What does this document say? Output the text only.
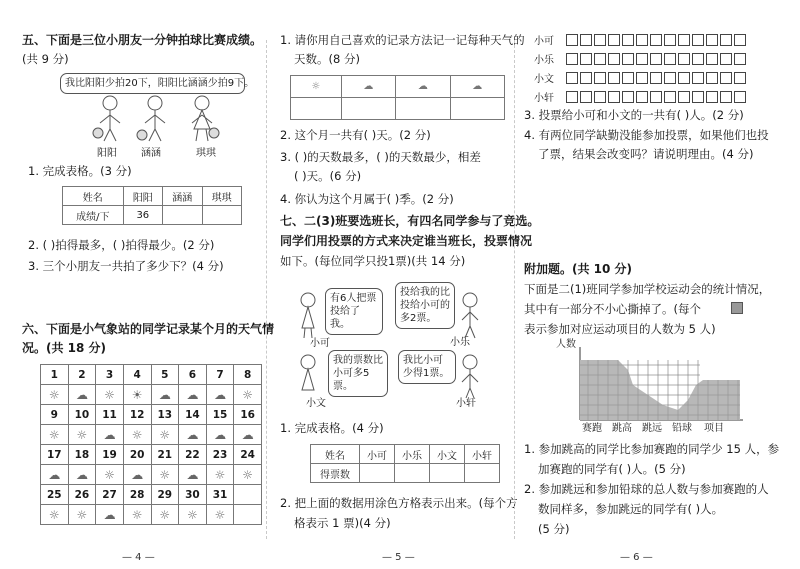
五、下面是三位小朋友一分钟拍球比赛成绩。
(共 9 分)
我比阳阳少拍20下，阳阳比涵涵少拍9下。
阳阳 涵涵	琪琪
1. 完成表格。(3 分)
姓名	阳阳	涵涵	琪琪
成绩/下	36		
2. ( )拍得最多，( )拍得最少。(2 分)
3. 三个小朋友一共拍了多少下？(4 分)
六、下面是小气象站的同学记录某个月的天气情
况。(共 18 分)
1	2	3	4	5	6	7	8
☼	☁	☼	☀	☁	☁	☁	☼
9	10	11	12	13	14	15	16
☼	☼	☁	☼	☼	☁	☁	☁
17	18	19	20	21	22	23	24
☁	☁	☼	☁	☼	☁	☼	☼
25	26	27	28	29	30	31	
☼	☼	☁	☼	☼	☼	☼	
— 4 —
1. 请你用自己喜欢的记录方法记一记每种天气的
天数。(8 分)
☼	☁	☁	☁

2. 这个月一共有( )天。(2 分)
3. ( )的天数最多，( )的天数最少，相差
( )天。(6 分)
4. 你认为这个月属于( )季。(2 分)
七、二(3)班要选班长，有四名同学参与了竞选。
同学们用投票的方式来决定谁当班长，投票情况
如下。(每位同学只投1票)(共 14 分)
有6人把票投给了我。
投给我的比投给小可的多2票。
我的票数比小可多5票。
我比小可少得1票。
小可	小乐
小文	小轩
1. 完成表格。(4 分)
姓名	小可	小乐	小文	小轩
得票数				
2. 把上面的数据用涂色方格表示出来。(每个方
格表示 1 票)(4 分)
— 5 —
小可
小乐
小文
小轩
3. 投票给小可和小文的一共有( )人。(2 分)
4. 有两位同学缺勤没能参加投票，如果他们也投
了票，结果会改变吗？请说明理由。(4 分)
附加题。(共 10 分)
下面是二(1)班同学参加学校运动会的统计情况，
其中有一部分不小心撕掉了。(每个
表示参加对应运动项目的人数为 5 人)
人数
赛跑 跳高 跳远 铅球 项目
1. 参加跳高的同学比参加赛跑的同学少 15 人，参
加赛跑的同学有( )人。(5 分)
2. 参加跳远和参加铅球的总人数与参加赛跑的人
数同样多，参加跳远的同学有( )人。
(5 分)
— 6 —
